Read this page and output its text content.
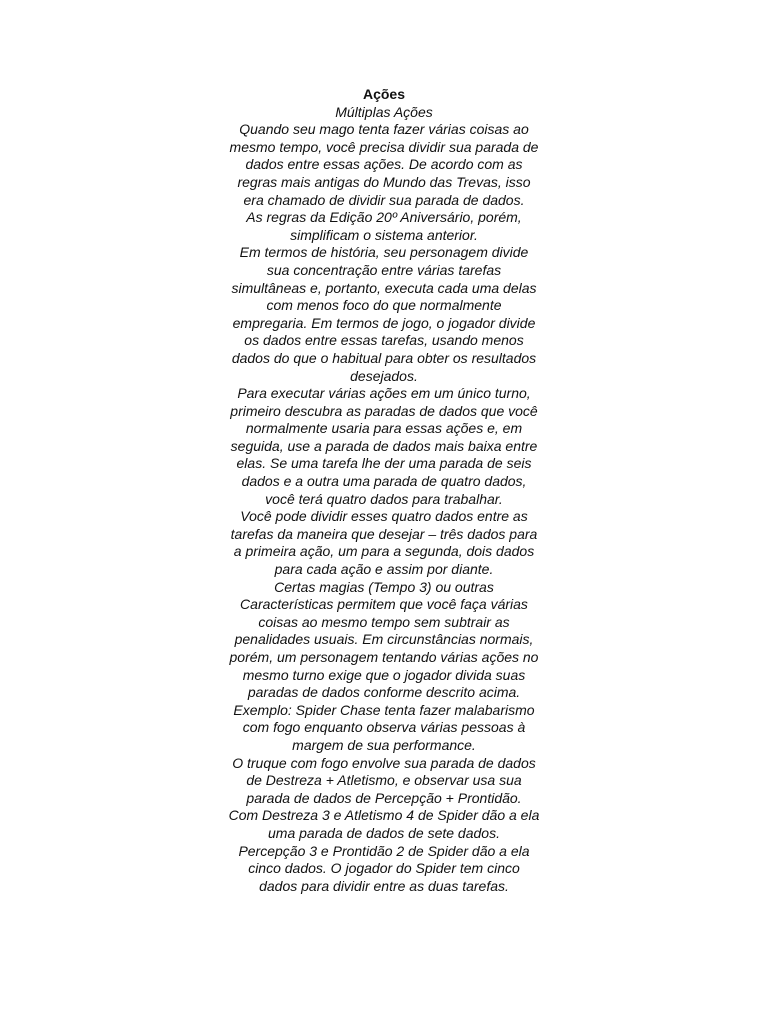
Ações
Múltiplas Ações
Quando seu mago tenta fazer várias coisas ao mesmo tempo, você precisa dividir sua parada de dados entre essas ações. De acordo com as regras mais antigas do Mundo das Trevas, isso era chamado de dividir sua parada de dados.
As regras da Edição 20º Aniversário, porém, simplificam o sistema anterior.
Em termos de história, seu personagem divide sua concentração entre várias tarefas simultâneas e, portanto, executa cada uma delas com menos foco do que normalmente empregaria. Em termos de jogo, o jogador divide os dados entre essas tarefas, usando menos dados do que o habitual para obter os resultados desejados.
Para executar várias ações em um único turno, primeiro descubra as paradas de dados que você normalmente usaria para essas ações e, em seguida, use a parada de dados mais baixa entre elas. Se uma tarefa lhe der uma parada de seis dados e a outra uma parada de quatro dados, você terá quatro dados para trabalhar.
Você pode dividir esses quatro dados entre as tarefas da maneira que desejar – três dados para a primeira ação, um para a segunda, dois dados para cada ação e assim por diante.
Certas magias (Tempo 3) ou outras Características permitem que você faça várias coisas ao mesmo tempo sem subtrair as penalidades usuais. Em circunstâncias normais, porém, um personagem tentando várias ações no mesmo turno exige que o jogador divida suas paradas de dados conforme descrito acima.
Exemplo: Spider Chase tenta fazer malabarismo com fogo enquanto observa várias pessoas à margem de sua performance.
O truque com fogo envolve sua parada de dados de Destreza + Atletismo, e observar usa sua parada de dados de Percepção + Prontidão.
Com Destreza 3 e Atletismo 4 de Spider dão a ela uma parada de dados de sete dados.
Percepção 3 e Prontidão 2 de Spider dão a ela cinco dados. O jogador do Spider tem cinco dados para dividir entre as duas tarefas.
